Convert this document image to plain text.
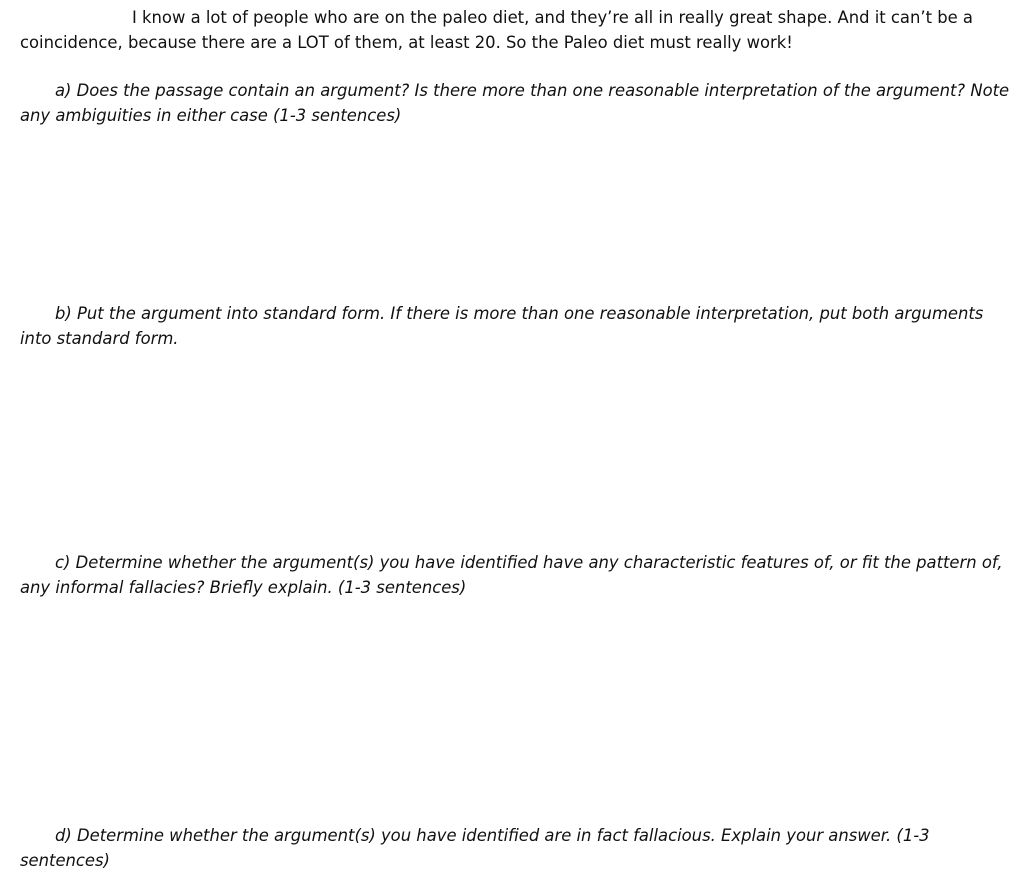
I know a lot of people who are on the paleo diet, and they’re all in really great shape. And it can’t be a coincidence, because there are a LOT of them, at least 20. So the Paleo diet must really work!

a) Does the passage contain an argument? Is there more than one reasonable interpretation of the argument? Note any ambiguities in either case (1-3 sentences)

b) Put the argument into standard form. If there is more than one reasonable interpretation, put both arguments into standard form.

c) Determine whether the argument(s) you have identified have any characteristic features of, or fit the pattern of, any informal fallacies? Briefly explain. (1-3 sentences)

d) Determine whether the argument(s) you have identified are in fact fallacious. Explain your answer. (1-3 sentences)
